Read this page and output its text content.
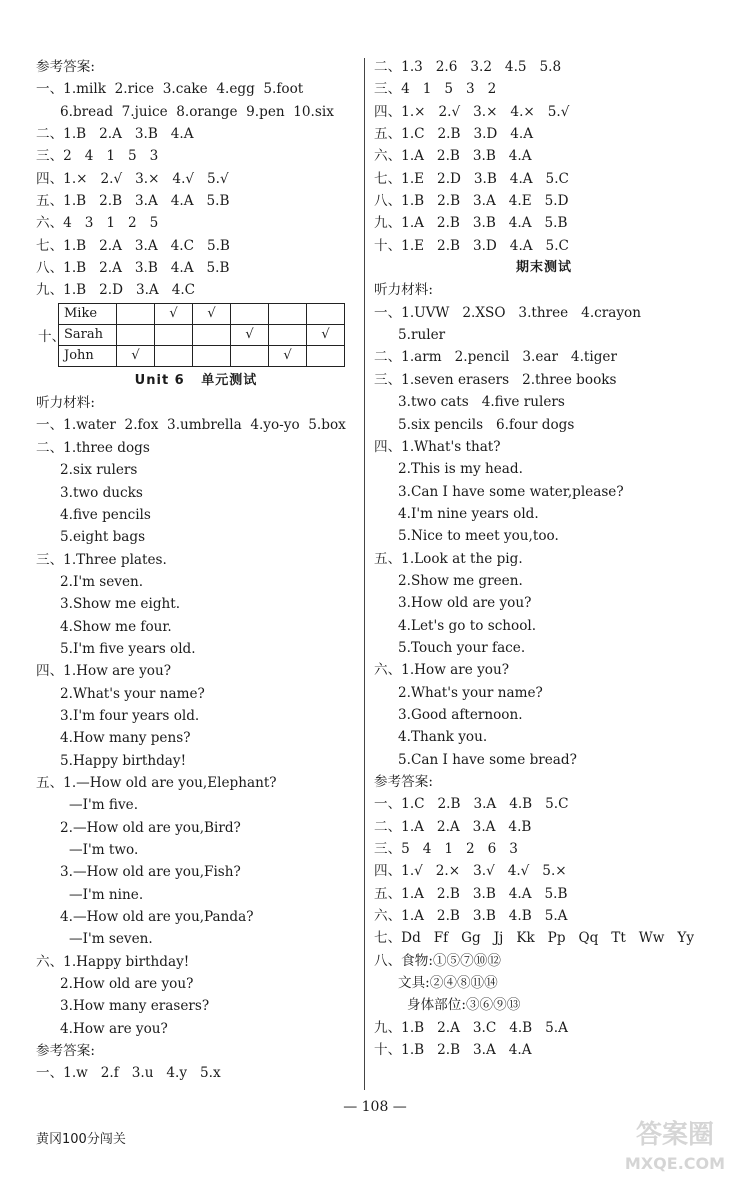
参考答案:
一、1.milk  2.rice  3.cake  4.egg  5.foot
6.bread  7.juice  8.orange  9.pen  10.six
二、1.B   2.A   3.B   4.A
三、2   4   1   5   3
四、1.×   2.√   3.×   4.√   5.√
五、1.B   2.B   3.A   4.A   5.B
六、4   3   1   2   5
七、1.B   2.A   3.A   4.C   5.B
八、1.B   2.A   3.B   4.A   5.B
九、1.B   2.D   3.A   4.C
十、
Mike		√	√			
Sarah				√		√
John	√				√	
Unit 6   单元测试
听力材料:
一、1.water  2.fox  3.umbrella  4.yo-yo  5.box
二、1.three dogs
2.six rulers
3.two ducks
4.five pencils
5.eight bags
三、1.Three plates.
2.I'm seven.
3.Show me eight.
4.Show me four.
5.I'm five years old.
四、1.How are you?
2.What's your name?
3.I'm four years old.
4.How many pens?
5.Happy birthday!
五、1.—How old are you,Elephant?
—I'm five.
2.—How old are you,Bird?
—I'm two.
3.—How old are you,Fish?
—I'm nine.
4.—How old are you,Panda?
—I'm seven.
六、1.Happy birthday!
2.How old are you?
3.How many erasers?
4.How are you?
参考答案:
一、1.w   2.f   3.u   4.y   5.x
二、1.3   2.6   3.2   4.5   5.8
三、4   1   5   3   2
四、1.×   2.√   3.×   4.×   5.√
五、1.C   2.B   3.D   4.A
六、1.A   2.B   3.B   4.A
七、1.E   2.D   3.B   4.A   5.C
八、1.B   2.B   3.A   4.E   5.D
九、1.A   2.B   3.B   4.A   5.B
十、1.E   2.B   3.D   4.A   5.C
期末测试
听力材料:
一、1.UVW   2.XSO   3.three   4.crayon
5.ruler
二、1.arm   2.pencil   3.ear   4.tiger
三、1.seven erasers   2.three books
3.two cats   4.five rulers
5.six pencils   6.four dogs
四、1.What's that?
2.This is my head.
3.Can I have some water,please?
4.I'm nine years old.
5.Nice to meet you,too.
五、1.Look at the pig.
2.Show me green.
3.How old are you?
4.Let's go to school.
5.Touch your face.
六、1.How are you?
2.What's your name?
3.Good afternoon.
4.Thank you.
5.Can I have some bread?
参考答案:
一、1.C   2.B   3.A   4.B   5.C
二、1.A   2.A   3.A   4.B
三、5   4   1   2   6   3
四、1.√   2.×   3.√   4.√   5.×
五、1.A   2.B   3.B   4.A   5.B
六、1.A   2.B   3.B   4.B   5.A
七、Dd   Ff   Gg   Jj   Kk   Pp   Qq   Tt   Ww   Yy
八、食物:①⑤⑦⑩⑫
文具:②④⑧⑪⑭
身体部位:③⑥⑨⑬
九、1.B   2.A   3.C   4.B   5.A
十、1.B   2.B   3.A   4.A
— 108 —
黄冈100分闯关	答案圈
MXQE.COM
